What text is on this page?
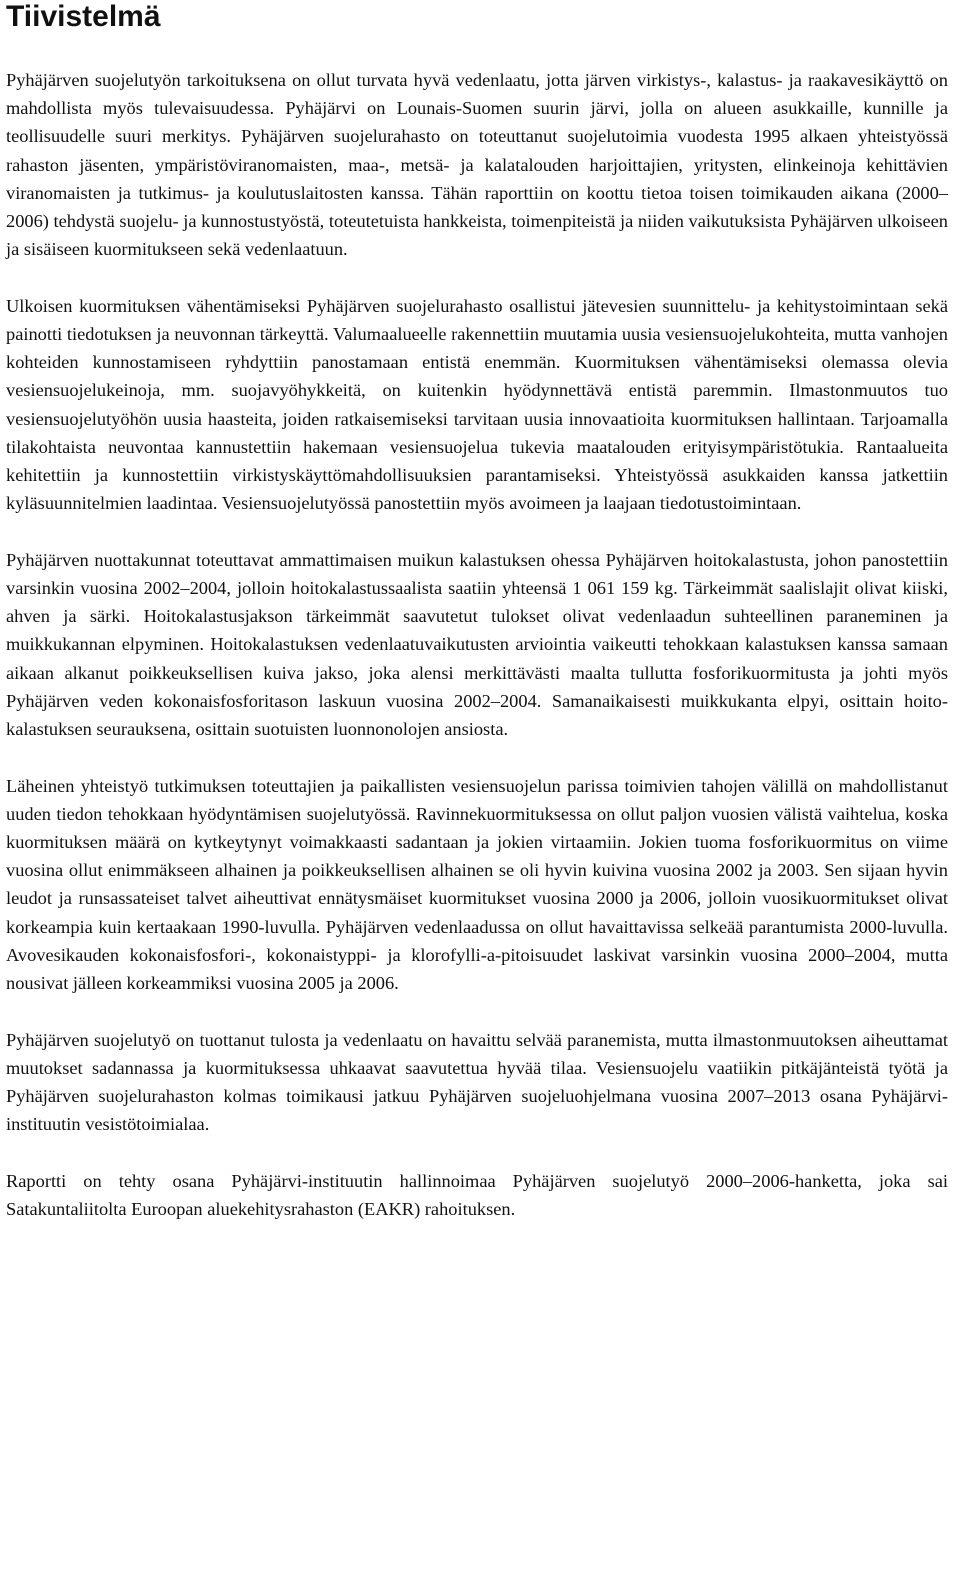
Tiivistelmä

Pyhäjärven suojelutyön tarkoituksena on ollut turvata hyvä vedenlaatu, jotta järven virkistys-, kalastus- ja raakavesikäyttö on mahdollista myös tulevaisuudessa. Pyhäjärvi on Lounais-Suomen suurin järvi, jolla on alueen asukkaille, kunnille ja teollisuudelle suuri merkitys. Pyhäjärven suojelurahasto on toteuttanut suojelutoimia vuodesta 1995 alkaen yhteistyössä rahaston jäsenten, ympäristöviranomaisten, maa-, metsä- ja kalatalouden harjoittajien, yritysten, elinkeinoja kehittävien viranomaisten ja tutkimus- ja koulutuslaitosten kanssa. Tähän raporttiin on koottu tietoa toisen toimikauden aikana (2000–2006) tehdystä suojelu- ja kunnostustyöstä, toteutetuista hankkeista, toimenpiteistä ja niiden vaikutuksista Pyhäjärven ulkoiseen ja sisäiseen kuormitukseen sekä vedenlaatuun.

Ulkoisen kuormituksen vähentämiseksi Pyhäjärven suojelurahasto osallistui jätevesien suunnittelu- ja kehitystoimintaan sekä painotti tiedotuksen ja neuvonnan tärkeyttä. Valumaalueelle rakennettiin muutamia uusia vesiensuojelukohteita, mutta vanhojen kohteiden kunnostamiseen ryhdyttiin panostamaan entistä enemmän. Kuormituksen vähentämiseksi olemassa olevia vesiensuojelukeinoja, mm. suojavyöhykkeitä, on kuitenkin hyödynnettävä entistä paremmin. Ilmastonmuutos tuo vesiensuojelutyöhön uusia haasteita, joiden ratkaisemiseksi tarvitaan uusia innovaatioita kuormituksen hallintaan. Tarjoamalla tilakohtaista neuvontaa kannustettiin hakemaan vesiensuojelua tukevia maatalouden erityisympäristötukia. Rantaalueita kehitettiin ja kunnostettiin virkistyskäyttömahdollisuuksien parantamiseksi. Yhteistyössä asukkaiden kanssa jatkettiin kyläsuunnitelmien laadintaa. Vesiensuojelutyössä panostettiin myös avoimeen ja laajaan tiedotustoimintaan.

Pyhäjärven nuottakunnat toteuttavat ammattimaisen muikun kalastuksen ohessa Pyhäjärven hoitokalastusta, johon panostettiin varsinkin vuosina 2002–2004, jolloin hoitokalastussaalista saatiin yhteensä 1 061 159 kg. Tärkeimmät saalislajit olivat kiiski, ahven ja särki. Hoitokalastusjakson tärkeimmät saavutetut tulokset olivat vedenlaadun suhteellinen paraneminen ja muikkukannan elpyminen. Hoitokalastuksen vedenlaatuvaikutusten arviointia vaikeutti tehokkaan kalastuksen kanssa samaan aikaan alkanut poikkeuksellisen kuiva jakso, joka alensi merkittävästi maalta tullutta fosforikuormitusta ja johti myös Pyhäjärven veden kokonaisfosforitason laskuun vuosina 2002–2004. Samanaikaisesti muikkukanta elpyi, osittain hoitokalastuksen seurauksena, osittain suotuisten luonnonolojen ansiosta.

Läheinen yhteistyö tutkimuksen toteuttajien ja paikallisten vesiensuojelun parissa toimivien tahojen välillä on mahdollistanut uuden tiedon tehokkaan hyödyntämisen suojelutyössä. Ravinnekuormituksessa on ollut paljon vuosien välistä vaihtelua, koska kuormituksen määrä on kytkeytynyt voimakkaasti sadantaan ja jokien virtaamiin. Jokien tuoma fosforikuormitus on viime vuosina ollut enimmäkseen alhainen ja poikkeuksellisen alhainen se oli hyvin kuivina vuosina 2002 ja 2003. Sen sijaan hyvin leudot ja runsassateiset talvet aiheuttivat ennätysmäiset kuormitukset vuosina 2000 ja 2006, jolloin vuosikuormitukset olivat korkeampia kuin kertaakaan 1990-luvulla. Pyhäjärven vedenlaadussa on ollut havaittavissa selkeää parantumista 2000-luvulla. Avovesikauden kokonaisfosfori-, kokonaistyppi- ja klorofylli-a-pitoisuudet laskivat varsinkin vuosina 2000–2004, mutta nousivat jälleen korkeammiksi vuosina 2005 ja 2006.

Pyhäjärven suojelutyö on tuottanut tulosta ja vedenlaatu on havaittu selvää paranemista, mutta ilmastonmuutoksen aiheuttamat muutokset sadannassa ja kuormituksessa uhkaavat saavutettua hyvää tilaa. Vesiensuojelu vaatiikin pitkäjänteistä työtä ja Pyhäjärven suojelurahaston kolmas toimikausi jatkuu Pyhäjärven suojeluohjelmana vuosina 2007–2013 osana Pyhäjärvi-instituutin vesistötoimialaa.

Raportti on tehty osana Pyhäjärvi-instituutin hallinnoimaa Pyhäjärven suojelutyö 2000–2006-hanketta, joka sai Satakuntaliitolta Euroopan aluekehitysrahaston (EAKR) rahoituksen.
